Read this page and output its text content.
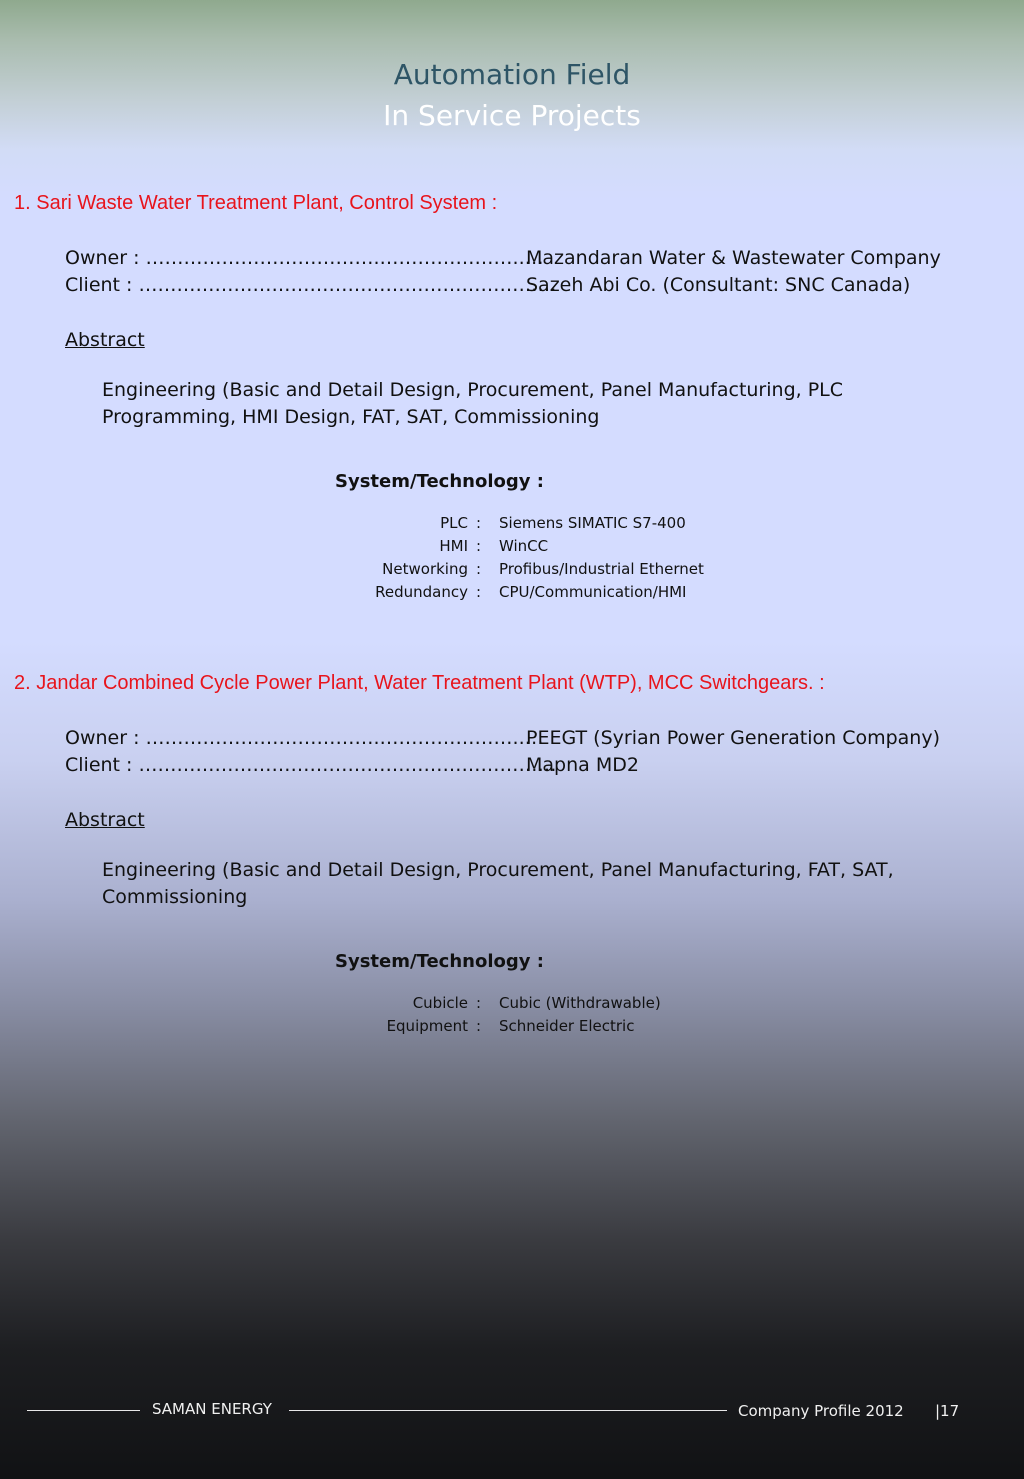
Automation Field
In Service Projects
1. Sari Waste Water Treatment Plant, Control System :
Owner : ……………………………….…………………..…
Mazandaran Water & Wastewater Company
Client : …………………………………………………………
Sazeh Abi Co. (Consultant: SNC Canada)
Abstract
Engineering (Basic and Detail Design, Procurement, Panel Manufacturing, PLC Programming, HMI Design, FAT, SAT, Commissioning
System/Technology :
PLC : Siemens SIMATIC S7-400
HMI : WinCC
Networking : Profibus/Industrial Ethernet
Redundancy : CPU/Communication/HMI
2. Jandar Combined Cycle Power Plant, Water Treatment Plant (WTP), MCC Switchgears. :
Owner : ……………………………….…………………..…
PEEGT (Syrian Power Generation Company)
Client : …………………………………………………………
Mapna MD2
Abstract
Engineering (Basic and Detail Design, Procurement, Panel Manufacturing, FAT, SAT, Commissioning
System/Technology :
Cubicle : Cubic (Withdrawable)
Equipment : Schneider Electric
SAMAN ENERGY	Company Profile 2012 |17
